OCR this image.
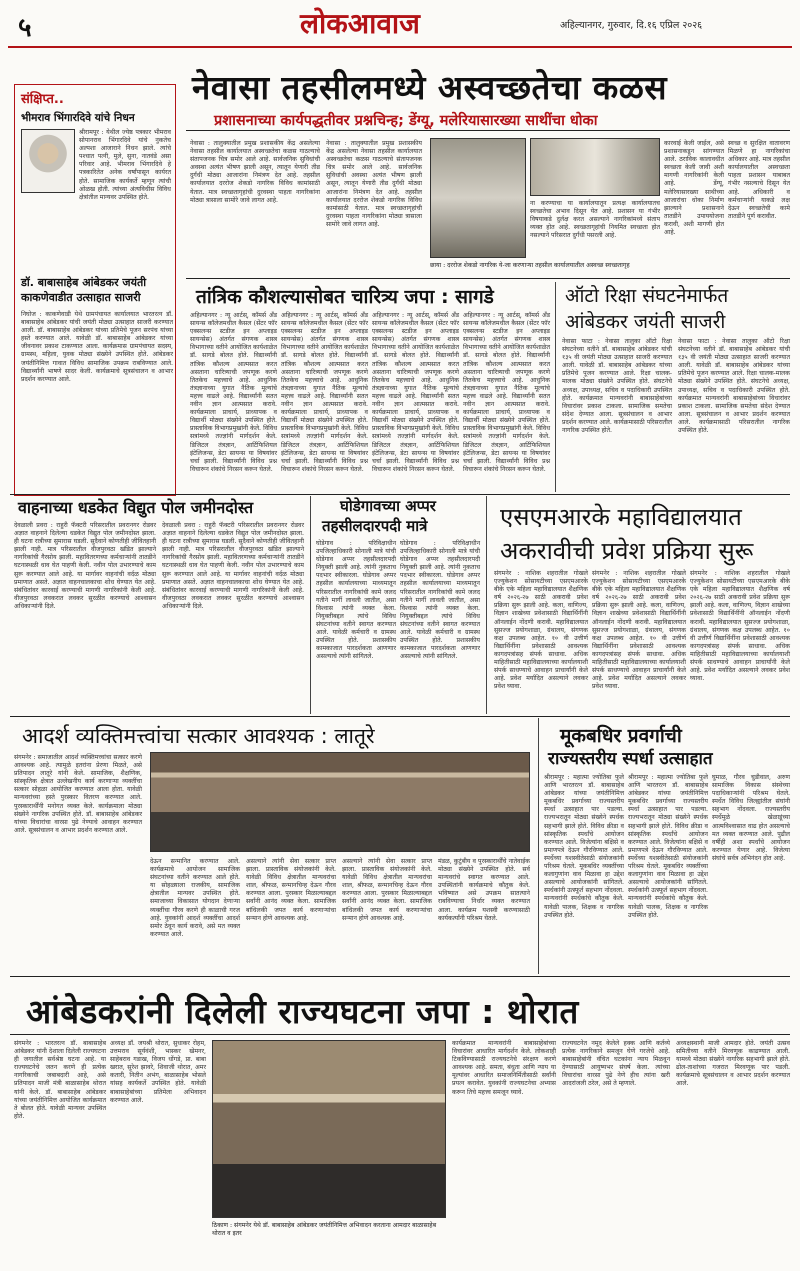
५	लोकआवाज	अहिल्यानगर, गुरुवार, दि.१६ एप्रिल २०२६
संक्षिप्त..
भीमराव भिंगारदिवे यांचे निधन
श्रीरामपूर : येथील ज्येष्ठ पत्रकार भीमराव सोपानराव भिंगारदिवे यांचे नुकतेच अल्पशा आजाराने निधन झाले. त्यांचे पश्चात पत्नी, मुले, सुना, नातवंडे असा परिवार आहे. भीमराव भिंगारदिवे हे पत्रकारितेत अनेक वर्षांपासून कार्यरत होते. सामाजिक कार्यकर्ते म्हणून त्यांची ओळख होती. त्यांच्या अंत्यविधीस विविध क्षेत्रांतील मान्यवर उपस्थित होते.
डॉ. बाबासाहेब आंबेडकर जयंती काकणेवाडीत उत्साहात साजरी
निघोज : काकणेवाडी येथे ग्रामपंचायत कार्यालयात भारतरत्न डॉ. बाबासाहेब आंबेडकर यांची जयंती मोठ्या उत्साहात साजरी करण्यात आली. डॉ. बाबासाहेब आंबेडकर यांच्या प्रतिमेचे पूजन सरपंच यांच्या हस्ते करण्यात आले. यावेळी डॉ. बाबासाहेब आंबेडकर यांच्या जीवनावर प्रकाश टाकण्यात आला. कार्यक्रमास ग्रामपंचायत सदस्य, ग्रामस्थ, महिला, युवक मोठ्या संख्येने उपस्थित होते. आंबेडकर जयंतीनिमित्त गावात विविध सामाजिक उपक्रम राबविण्यात आले. विद्यार्थ्यांनी भाषणे सादर केली. कार्यक्रमाचे सूत्रसंचालन व आभार प्रदर्शन करण्यात आले.
नेवासा तहसीलमध्ये अस्वच्छतेचा कळस
प्रशासनाच्या कार्यपद्धतीवर प्रश्नचिन्ह; डेंग्यू, मलेरियासारख्या साथींचा धोका
नेवासा : तालुक्यातील प्रमुख प्रशासकीय केंद्र असलेल्या नेवासा तहसील कार्यालयात अस्वच्छतेचा कळस गाठल्याचे संतापजनक चित्र समोर आले आहे. सार्वजनिक सुविधांची अवस्था अत्यंत भीषण झाली असून, त्यातून येणारी तीव्र दुर्गंधी मोठ्या आजारांना निमंत्रण देत आहे. तहसील कार्यालयात दररोज शेकडो नागरिक विविध कामांसाठी येतात. मात्र स्वच्छतागृहांची दुरवस्था पाहता नागरिकांना मोठ्या त्रासाला सामोरे जावे लागत आहे.
नेवासा : तालुक्यातील प्रमुख प्रशासकीय केंद्र असलेल्या नेवासा तहसील कार्यालयात अस्वच्छतेचा कळस गाठल्याचे संतापजनक चित्र समोर आले आहे. सार्वजनिक सुविधांची अवस्था अत्यंत भीषण झाली असून, त्यातून येणारी तीव्र दुर्गंधी मोठ्या आजारांना निमंत्रण देत आहे. तहसील कार्यालयात दररोज शेकडो नागरिक विविध कामांसाठी येतात. मात्र स्वच्छतागृहांची दुरवस्था पाहता नागरिकांना मोठ्या त्रासाला सामोरे जावे लागत आहे.
छाया : दररोज शेकडो नागरिक ये-जा करणाऱ्या तहसील कार्यालयातील अस्वच्छ स्वच्छतागृह
ना करण्याचा या कार्यालयातून प्रत्यक्ष कार्यालयातच स्वच्छतेचा अभाव दिसून येत आहे. प्रशासन या गंभीर विषयाकडे दुर्लक्ष करत असल्याने नागरिकांमध्ये संताप व्यक्त होत आहे. स्वच्छतागृहांची नियमित स्वच्छता होत नसल्याने परिसरात दुर्गंधी पसरली आहे.
कारवाई केली जाईल, असे प्रशासनाकडून सांगण्यात आले. ठराविक कालावधीत स्वच्छता केली जावी अशी मागणी नागरिकांनी केली आहे. डेंग्यू, मलेरियासारख्या साथीच्या आजारांचा धोका निर्माण झाल्याने प्रशासनाने तातडीने उपाययोजना करावी, अशी मागणी होत आहे.
स्वच्छ व सुरक्षित वातावरण मिळणे हा नागरिकांचा अधिकार आहे. मात्र तहसील कार्यालयातील अस्वच्छता पाहता प्रशासन याबाबत गंभीर नसल्याचे दिसून येत आहे. अधिकारी व कर्मचाऱ्यांनी याकडे लक्ष देऊन स्वच्छतेची कामे तातडीने पूर्ण करावीत.
तांत्रिक कौशल्यासोबत चारित्र्य जपा : सागडे
अहिल्यानगर : न्यू आर्टस्, कॉमर्स अँड सायन्स कॉलेजमधील कैसल (सेंटर फॉर एक्सलन्स स्टडीज इन अप्लाइड सायन्सेस) अंतर्गत संगणक शास्त्र विभागाच्या वतीने आयोजित कार्यशाळेत डॉ. सागडे बोलत होते. विद्यार्थ्यांनी तांत्रिक कौशल्य आत्मसात करत असताना चारित्र्याची जपणूक करणे तितकेच महत्त्वाचे आहे. आधुनिक तंत्रज्ञानाच्या युगात नैतिक मूल्यांचे महत्त्व वाढले आहे. विद्यार्थ्यांनी सतत नवीन ज्ञान आत्मसात करावे. कार्यक्रमाला प्राचार्य, प्राध्यापक व विद्यार्थी मोठ्या संख्येने उपस्थित होते. प्रास्ताविक विभागप्रमुखांनी केले. विविध सत्रांमध्ये तज्ज्ञांनी मार्गदर्शन केले. डिजिटल तंत्रज्ञान, आर्टिफिशियल इंटेलिजन्स, डेटा सायन्स या विषयांवर चर्चा झाली. विद्यार्थ्यांनी विविध प्रश्न विचारून शंकांचे निरसन करून घेतले.
अहिल्यानगर : न्यू आर्टस्, कॉमर्स अँड सायन्स कॉलेजमधील कैसल (सेंटर फॉर एक्सलन्स स्टडीज इन अप्लाइड सायन्सेस) अंतर्गत संगणक शास्त्र विभागाच्या वतीने आयोजित कार्यशाळेत डॉ. सागडे बोलत होते. विद्यार्थ्यांनी तांत्रिक कौशल्य आत्मसात करत असताना चारित्र्याची जपणूक करणे तितकेच महत्त्वाचे आहे. आधुनिक तंत्रज्ञानाच्या युगात नैतिक मूल्यांचे महत्त्व वाढले आहे. विद्यार्थ्यांनी सतत नवीन ज्ञान आत्मसात करावे. कार्यक्रमाला प्राचार्य, प्राध्यापक व विद्यार्थी मोठ्या संख्येने उपस्थित होते. प्रास्ताविक विभागप्रमुखांनी केले. विविध सत्रांमध्ये तज्ज्ञांनी मार्गदर्शन केले. डिजिटल तंत्रज्ञान, आर्टिफिशियल इंटेलिजन्स, डेटा सायन्स या विषयांवर चर्चा झाली. विद्यार्थ्यांनी विविध प्रश्न विचारून शंकांचे निरसन करून घेतले.
अहिल्यानगर : न्यू आर्टस्, कॉमर्स अँड सायन्स कॉलेजमधील कैसल (सेंटर फॉर एक्सलन्स स्टडीज इन अप्लाइड सायन्सेस) अंतर्गत संगणक शास्त्र विभागाच्या वतीने आयोजित कार्यशाळेत डॉ. सागडे बोलत होते. विद्यार्थ्यांनी तांत्रिक कौशल्य आत्मसात करत असताना चारित्र्याची जपणूक करणे तितकेच महत्त्वाचे आहे. आधुनिक तंत्रज्ञानाच्या युगात नैतिक मूल्यांचे महत्त्व वाढले आहे. विद्यार्थ्यांनी सतत नवीन ज्ञान आत्मसात करावे. कार्यक्रमाला प्राचार्य, प्राध्यापक व विद्यार्थी मोठ्या संख्येने उपस्थित होते. प्रास्ताविक विभागप्रमुखांनी केले. विविध सत्रांमध्ये तज्ज्ञांनी मार्गदर्शन केले. डिजिटल तंत्रज्ञान, आर्टिफिशियल इंटेलिजन्स, डेटा सायन्स या विषयांवर चर्चा झाली. विद्यार्थ्यांनी विविध प्रश्न विचारून शंकांचे निरसन करून घेतले.
अहिल्यानगर : न्यू आर्टस्, कॉमर्स अँड सायन्स कॉलेजमधील कैसल (सेंटर फॉर एक्सलन्स स्टडीज इन अप्लाइड सायन्सेस) अंतर्गत संगणक शास्त्र विभागाच्या वतीने आयोजित कार्यशाळेत डॉ. सागडे बोलत होते. विद्यार्थ्यांनी तांत्रिक कौशल्य आत्मसात करत असताना चारित्र्याची जपणूक करणे तितकेच महत्त्वाचे आहे. आधुनिक तंत्रज्ञानाच्या युगात नैतिक मूल्यांचे महत्त्व वाढले आहे. विद्यार्थ्यांनी सतत नवीन ज्ञान आत्मसात करावे. कार्यक्रमाला प्राचार्य, प्राध्यापक व विद्यार्थी मोठ्या संख्येने उपस्थित होते. प्रास्ताविक विभागप्रमुखांनी केले. विविध सत्रांमध्ये तज्ज्ञांनी मार्गदर्शन केले. डिजिटल तंत्रज्ञान, आर्टिफिशियल इंटेलिजन्स, डेटा सायन्स या विषयांवर चर्चा झाली. विद्यार्थ्यांनी विविध प्रश्न विचारून शंकांचे निरसन करून घेतले.
ऑटो रिक्षा संघटनेमार्फत
आंबेडकर जयंती साजरी
नेवासा फाटा : नेवासा तालुका ऑटो रिक्षा संघटनेच्या वतीने डॉ. बाबासाहेब आंबेडकर यांची १३५ वी जयंती मोठ्या उत्साहात साजरी करण्यात आली. यावेळी डॉ. बाबासाहेब आंबेडकर यांच्या प्रतिमेचे पूजन करण्यात आले. रिक्षा चालक-मालक मोठ्या संख्येने उपस्थित होते. संघटनेचे अध्यक्ष, उपाध्यक्ष, सचिव व पदाधिकारी उपस्थित होते. कार्यक्रमात मान्यवरांनी बाबासाहेबांच्या विचारांवर प्रकाश टाकला. सामाजिक समतेचा संदेश देण्यात आला. सूत्रसंचालन व आभार प्रदर्शन करण्यात आले. कार्यक्रमासाठी परिसरातील नागरिक उपस्थित होते.
नेवासा फाटा : नेवासा तालुका ऑटो रिक्षा संघटनेच्या वतीने डॉ. बाबासाहेब आंबेडकर यांची १३५ वी जयंती मोठ्या उत्साहात साजरी करण्यात आली. यावेळी डॉ. बाबासाहेब आंबेडकर यांच्या प्रतिमेचे पूजन करण्यात आले. रिक्षा चालक-मालक मोठ्या संख्येने उपस्थित होते. संघटनेचे अध्यक्ष, उपाध्यक्ष, सचिव व पदाधिकारी उपस्थित होते. कार्यक्रमात मान्यवरांनी बाबासाहेबांच्या विचारांवर प्रकाश टाकला. सामाजिक समतेचा संदेश देण्यात आला. सूत्रसंचालन व आभार प्रदर्शन करण्यात आले. कार्यक्रमासाठी परिसरातील नागरिक उपस्थित होते.
वाहनाच्या धडकेत विद्युत पोल जमीनदोस्त
देवळाली प्रवरा : राहुरी फॅक्टरी परिसरातील प्रवरानगर रोडवर अज्ञात वाहनाने दिलेल्या धडकेत विद्युत पोल जमीनदोस्त झाला. ही घटना रात्रीच्या सुमारास घडली. सुदैवाने कोणतीही जीवितहानी झाली नाही. मात्र परिसरातील वीजपुरवठा खंडित झाल्याने नागरिकांची गैरसोय झाली. महावितरणच्या कर्मचाऱ्यांनी तातडीने घटनास्थळी धाव घेत पाहणी केली. नवीन पोल उभारण्याचे काम सुरू करण्यात आले आहे. या मार्गावर वाहनांची वर्दळ मोठ्या प्रमाणात असते. अज्ञात वाहनचालकाचा शोध घेण्यात येत आहे. संबंधितांवर कारवाई करण्याची मागणी नागरिकांनी केली आहे. वीजपुरवठा लवकरात लवकर सुरळीत करण्याचे आश्वासन अधिकाऱ्यांनी दिले.
देवळाली प्रवरा : राहुरी फॅक्टरी परिसरातील प्रवरानगर रोडवर अज्ञात वाहनाने दिलेल्या धडकेत विद्युत पोल जमीनदोस्त झाला. ही घटना रात्रीच्या सुमारास घडली. सुदैवाने कोणतीही जीवितहानी झाली नाही. मात्र परिसरातील वीजपुरवठा खंडित झाल्याने नागरिकांची गैरसोय झाली. महावितरणच्या कर्मचाऱ्यांनी तातडीने घटनास्थळी धाव घेत पाहणी केली. नवीन पोल उभारण्याचे काम सुरू करण्यात आले आहे. या मार्गावर वाहनांची वर्दळ मोठ्या प्रमाणात असते. अज्ञात वाहनचालकाचा शोध घेण्यात येत आहे. संबंधितांवर कारवाई करण्याची मागणी नागरिकांनी केली आहे. वीजपुरवठा लवकरात लवकर सुरळीत करण्याचे आश्वासन अधिकाऱ्यांनी दिले.
घोडेगावच्या अप्पर
तहसीलदारपदी मात्रे
घोडेगाव : परिविक्षाधीन उपजिल्हाधिकारी सोनाली मात्रे यांची घोडेगाव अप्पर तहसीलदारपदी नियुक्ती झाली आहे. त्यांनी नुकताच पदभार स्वीकारला. घोडेगाव अप्पर तहसील कार्यालयाच्या माध्यमातून परिसरातील नागरिकांची कामे जलद गतीने मार्गी लावली जातील, असा विश्वास त्यांनी व्यक्त केला. नियुक्तीबद्दल त्यांचे विविध संघटनांच्या वतीने स्वागत करण्यात आले. यावेळी कर्मचारी व ग्रामस्थ उपस्थित होते. प्रशासकीय कामकाजात पारदर्शकता आणणार असल्याचे त्यांनी सांगितले.
घोडेगाव : परिविक्षाधीन उपजिल्हाधिकारी सोनाली मात्रे यांची घोडेगाव अप्पर तहसीलदारपदी नियुक्ती झाली आहे. त्यांनी नुकताच पदभार स्वीकारला. घोडेगाव अप्पर तहसील कार्यालयाच्या माध्यमातून परिसरातील नागरिकांची कामे जलद गतीने मार्गी लावली जातील, असा विश्वास त्यांनी व्यक्त केला. नियुक्तीबद्दल त्यांचे विविध संघटनांच्या वतीने स्वागत करण्यात आले. यावेळी कर्मचारी व ग्रामस्थ उपस्थित होते. प्रशासकीय कामकाजात पारदर्शकता आणणार असल्याचे त्यांनी सांगितले.
एसएमआरके महाविद्यालयात
अकरावीची प्रवेश प्रक्रिया सुरू
संगमनेर : नाशिक शहरातील गोखले एज्युकेशन सोसायटीच्या एसएमआरके बीके एके महिला महाविद्यालयात शैक्षणिक वर्ष २०२६-२७ साठी अकरावी प्रवेश प्रक्रिया सुरू झाली आहे. कला, वाणिज्य, विज्ञान शाखेच्या प्रवेशासाठी विद्यार्थिनींनी ऑनलाईन नोंदणी करावी. महाविद्यालयात सुसज्ज प्रयोगशाळा, ग्रंथालय, संगणक कक्ष उपलब्ध आहेत. १० वी उत्तीर्ण विद्यार्थिनींना प्रवेशासाठी आवश्यक कागदपत्रांसह संपर्क साधावा. अधिक माहितीसाठी महाविद्यालयाच्या कार्यालयाशी संपर्क साधण्याचे आवाहन प्राचार्यांनी केले आहे. प्रवेश मर्यादित असल्याने लवकर प्रवेश घ्यावा.
संगमनेर : नाशिक शहरातील गोखले एज्युकेशन सोसायटीच्या एसएमआरके बीके एके महिला महाविद्यालयात शैक्षणिक वर्ष २०२६-२७ साठी अकरावी प्रवेश प्रक्रिया सुरू झाली आहे. कला, वाणिज्य, विज्ञान शाखेच्या प्रवेशासाठी विद्यार्थिनींनी ऑनलाईन नोंदणी करावी. महाविद्यालयात सुसज्ज प्रयोगशाळा, ग्रंथालय, संगणक कक्ष उपलब्ध आहेत. १० वी उत्तीर्ण विद्यार्थिनींना प्रवेशासाठी आवश्यक कागदपत्रांसह संपर्क साधावा. अधिक माहितीसाठी महाविद्यालयाच्या कार्यालयाशी संपर्क साधण्याचे आवाहन प्राचार्यांनी केले आहे. प्रवेश मर्यादित असल्याने लवकर प्रवेश घ्यावा.
संगमनेर : नाशिक शहरातील गोखले एज्युकेशन सोसायटीच्या एसएमआरके बीके एके महिला महाविद्यालयात शैक्षणिक वर्ष २०२६-२७ साठी अकरावी प्रवेश प्रक्रिया सुरू झाली आहे. कला, वाणिज्य, विज्ञान शाखेच्या प्रवेशासाठी विद्यार्थिनींनी ऑनलाईन नोंदणी करावी. महाविद्यालयात सुसज्ज प्रयोगशाळा, ग्रंथालय, संगणक कक्ष उपलब्ध आहेत. १० वी उत्तीर्ण विद्यार्थिनींना प्रवेशासाठी आवश्यक कागदपत्रांसह संपर्क साधावा. अधिक माहितीसाठी महाविद्यालयाच्या कार्यालयाशी संपर्क साधण्याचे आवाहन प्राचार्यांनी केले आहे. प्रवेश मर्यादित असल्याने लवकर प्रवेश घ्यावा.
आदर्श व्यक्तिमत्त्वांचा सत्कार आवश्यक : लातूरे
संगमनेर : समाजातील आदर्श व्यक्तिमत्त्वांचा सत्कार करणे आवश्यक आहे. त्यामुळे इतरांना प्रेरणा मिळते, असे प्रतिपादन लातूरे यांनी केले. सामाजिक, शैक्षणिक, सांस्कृतिक क्षेत्रात उल्लेखनीय कार्य करणाऱ्या व्यक्तींचा सत्कार सोहळा आयोजित करण्यात आला होता. यावेळी मान्यवरांच्या हस्ते पुरस्कार वितरण करण्यात आले. पुरस्कारार्थींनी मनोगत व्यक्त केले. कार्यक्रमाला मोठ्या संख्येने नागरिक उपस्थित होते. डॉ. बाबासाहेब आंबेडकर यांच्या विचारांचा वारसा पुढे नेण्याचे आवाहन करण्यात आले. सूत्रसंचालन व आभार प्रदर्शन करण्यात आले.
देऊन सन्मानित करण्यात आले. कार्यक्रमाचे आयोजन सामाजिक संघटनांच्या वतीने करण्यात आले होते. या सोहळ्याला राजकीय, सामाजिक क्षेत्रातील मान्यवर उपस्थित होते. समाजाच्या विकासात योगदान देणाऱ्या व्यक्तींचा गौरव करणे ही काळाची गरज आहे. युवकांनी आदर्श व्यक्तींचा आदर्श समोर ठेवून कार्य करावे, असे मत व्यक्त करण्यात आले.
असल्याने त्यांनी सेवा सत्कार प्राप्त झाला. प्रास्ताविक संयोजकांनी केले. यावेळी विविध क्षेत्रातील मान्यवरांचा शाल, श्रीफळ, सन्मानचिन्ह देऊन गौरव करण्यात आला. पुरस्कार मिळाल्याबद्दल सर्वांनी आनंद व्यक्त केला. सामाजिक बांधिलकी जपत कार्य करणाऱ्यांचा सन्मान होणे आवश्यक आहे.
असल्याने त्यांनी सेवा सत्कार प्राप्त झाला. प्रास्ताविक संयोजकांनी केले. यावेळी विविध क्षेत्रातील मान्यवरांचा शाल, श्रीफळ, सन्मानचिन्ह देऊन गौरव करण्यात आला. पुरस्कार मिळाल्याबद्दल सर्वांनी आनंद व्यक्त केला. सामाजिक बांधिलकी जपत कार्य करणाऱ्यांचा सन्मान होणे आवश्यक आहे.
मंडळ, कुटुंबीय व पुरस्कारार्थींचे नातेवाईक मोठ्या संख्येने उपस्थित होते. सर्व मान्यवरांचे स्वागत करण्यात आले. उपस्थितांनी कार्यक्रमाचे कौतुक केले. भविष्यात असे उपक्रम सातत्याने राबविण्याचा निर्धार व्यक्त करण्यात आला. कार्यक्रम यशस्वी करण्यासाठी कार्यकर्त्यांनी परिश्रम घेतले.
मूकबधिर प्रवर्गाची
राज्यस्तरीय स्पर्धा उत्साहात
श्रीरामपूर : महात्मा ज्योतिबा फुले आणि भारतरत्न डॉ. बाबासाहेब आंबेडकर यांच्या जयंतीनिमित्त मूकबधिर प्रवर्गाच्या राज्यस्तरीय स्पर्धा उत्साहात पार पडल्या. राज्यभरातून मोठ्या संख्येने स्पर्धक सहभागी झाले होते. विविध क्रीडा व सांस्कृतिक स्पर्धांचे आयोजन करण्यात आले. विजेत्यांना बक्षिसे व प्रमाणपत्रे देऊन गौरविण्यात आले. स्पर्धेच्या यशस्वीतेसाठी संयोजकांनी परिश्रम घेतले. मूकबधिर व्यक्तींच्या कलागुणांना वाव मिळावा हा उद्देश असल्याचे आयोजकांनी सांगितले. स्पर्धकांनी उत्स्फूर्त सहभाग नोंदवला. मान्यवरांनी स्पर्धकांचे कौतुक केले. यावेळी पालक, शिक्षक व नागरिक उपस्थित होते.
श्रीरामपूर : महात्मा ज्योतिबा फुले आणि भारतरत्न डॉ. बाबासाहेब आंबेडकर यांच्या जयंतीनिमित्त मूकबधिर प्रवर्गाच्या राज्यस्तरीय स्पर्धा उत्साहात पार पडल्या. राज्यभरातून मोठ्या संख्येने स्पर्धक सहभागी झाले होते. विविध क्रीडा व सांस्कृतिक स्पर्धांचे आयोजन करण्यात आले. विजेत्यांना बक्षिसे व प्रमाणपत्रे देऊन गौरविण्यात आले. स्पर्धेच्या यशस्वीतेसाठी संयोजकांनी परिश्रम घेतले. मूकबधिर व्यक्तींच्या कलागुणांना वाव मिळावा हा उद्देश असल्याचे आयोजकांनी सांगितले. स्पर्धकांनी उत्स्फूर्त सहभाग नोंदवला. मान्यवरांनी स्पर्धकांचे कौतुक केले. यावेळी पालक, शिक्षक व नागरिक उपस्थित होते.
घुमाळ, गौरव चुडीवाल, अरुण सामाजिक विकास संस्थेच्या पदाधिकाऱ्यांनी परिश्रम घेतले. स्पर्धेत विविध जिल्ह्यांतील संघांनी सहभाग नोंदवला. राज्यस्तरीय स्पर्धेमुळे खेळाडूंच्या आत्मविश्वासात वाढ होत असल्याचे मत व्यक्त करण्यात आले. पुढील वर्षीही अशा स्पर्धांचे आयोजन करण्यात येणार आहे. विजेत्या संघांचे सर्वत्र अभिनंदन होत आहे.
आंबेडकरांनी दिलेली राज्यघटना जपा : थोरात
संगमनेर : भारतरत्न डॉ. बाबासाहेब आंबेडकर यांनी देशाला दिलेली राज्यघटना ही जगातील सर्वश्रेष्ठ घटना आहे. या राज्यघटनेचे जतन करणे ही प्रत्येक नागरिकाची जबाबदारी आहे, असे प्रतिपादन माजी मंत्री बाळासाहेब थोरात यांनी केले. डॉ. बाबासाहेब आंबेडकर यांच्या जयंतीनिमित्त आयोजित कार्यक्रमात ते बोलत होते. यावेळी मान्यवर उपस्थित होते.
अध्यक्ष डॉ. जयश्री थोरात, सुधाकर रोहम, उत्तमराव सूर्यवंशी, भास्कर खेमनर, साहेबराव गडाख, विजय धोंगडे, प्रा. बाबा खरात, सुरेश झावरे, शिवाजी थोरात, अमर कतारी, नितीन अभंग, बाळासाहेब भोसले यांसह कार्यकर्ते उपस्थित होते. यावेळी बाबासाहेबांच्या प्रतिमेला अभिवादन करण्यात आले.
ठिकाण : संगमनेर येथे डॉ. बाबासाहेब आंबेडकर जयंतीनिमित्त अभिवादन करताना आमदार बाळासाहेब थोरात व इतर
कार्यक्रमात मान्यवरांनी बाबासाहेबांच्या विचारांवर आधारित मार्गदर्शन केले. लोकशाही टिकविण्यासाठी राज्यघटनेचे संरक्षण करणे आवश्यक आहे. समता, बंधुता आणि न्याय या मूल्यांवर आधारित समाजनिर्मितीसाठी सर्वांनी प्रयत्न करावेत. युवकांनी राज्यघटनेचा अभ्यास करून तिचे महत्त्व समजून घ्यावे.
राज्यघटनेत नमूद केलेले हक्क आणि कर्तव्ये प्रत्येक नागरिकाने समजून घेणे गरजेचे आहे. बाबासाहेबांनी वंचित घटकांना न्याय मिळवून देण्यासाठी आयुष्यभर संघर्ष केला. त्यांच्या विचारांचा वारसा पुढे नेणे हीच त्यांना खरी आदरांजली ठरेल, असे ते म्हणाले.
अध्यक्षस्थानी माजी आमदार होते. जयंती उत्सव समितीच्या वतीने मिरवणूक काढण्यात आली. यामध्ये मोठ्या संख्येने नागरिक सहभागी झाले होते. ढोल-ताशांच्या गजरात मिरवणूक पार पडली. कार्यक्रमाचे सूत्रसंचालन व आभार प्रदर्शन करण्यात आले.
